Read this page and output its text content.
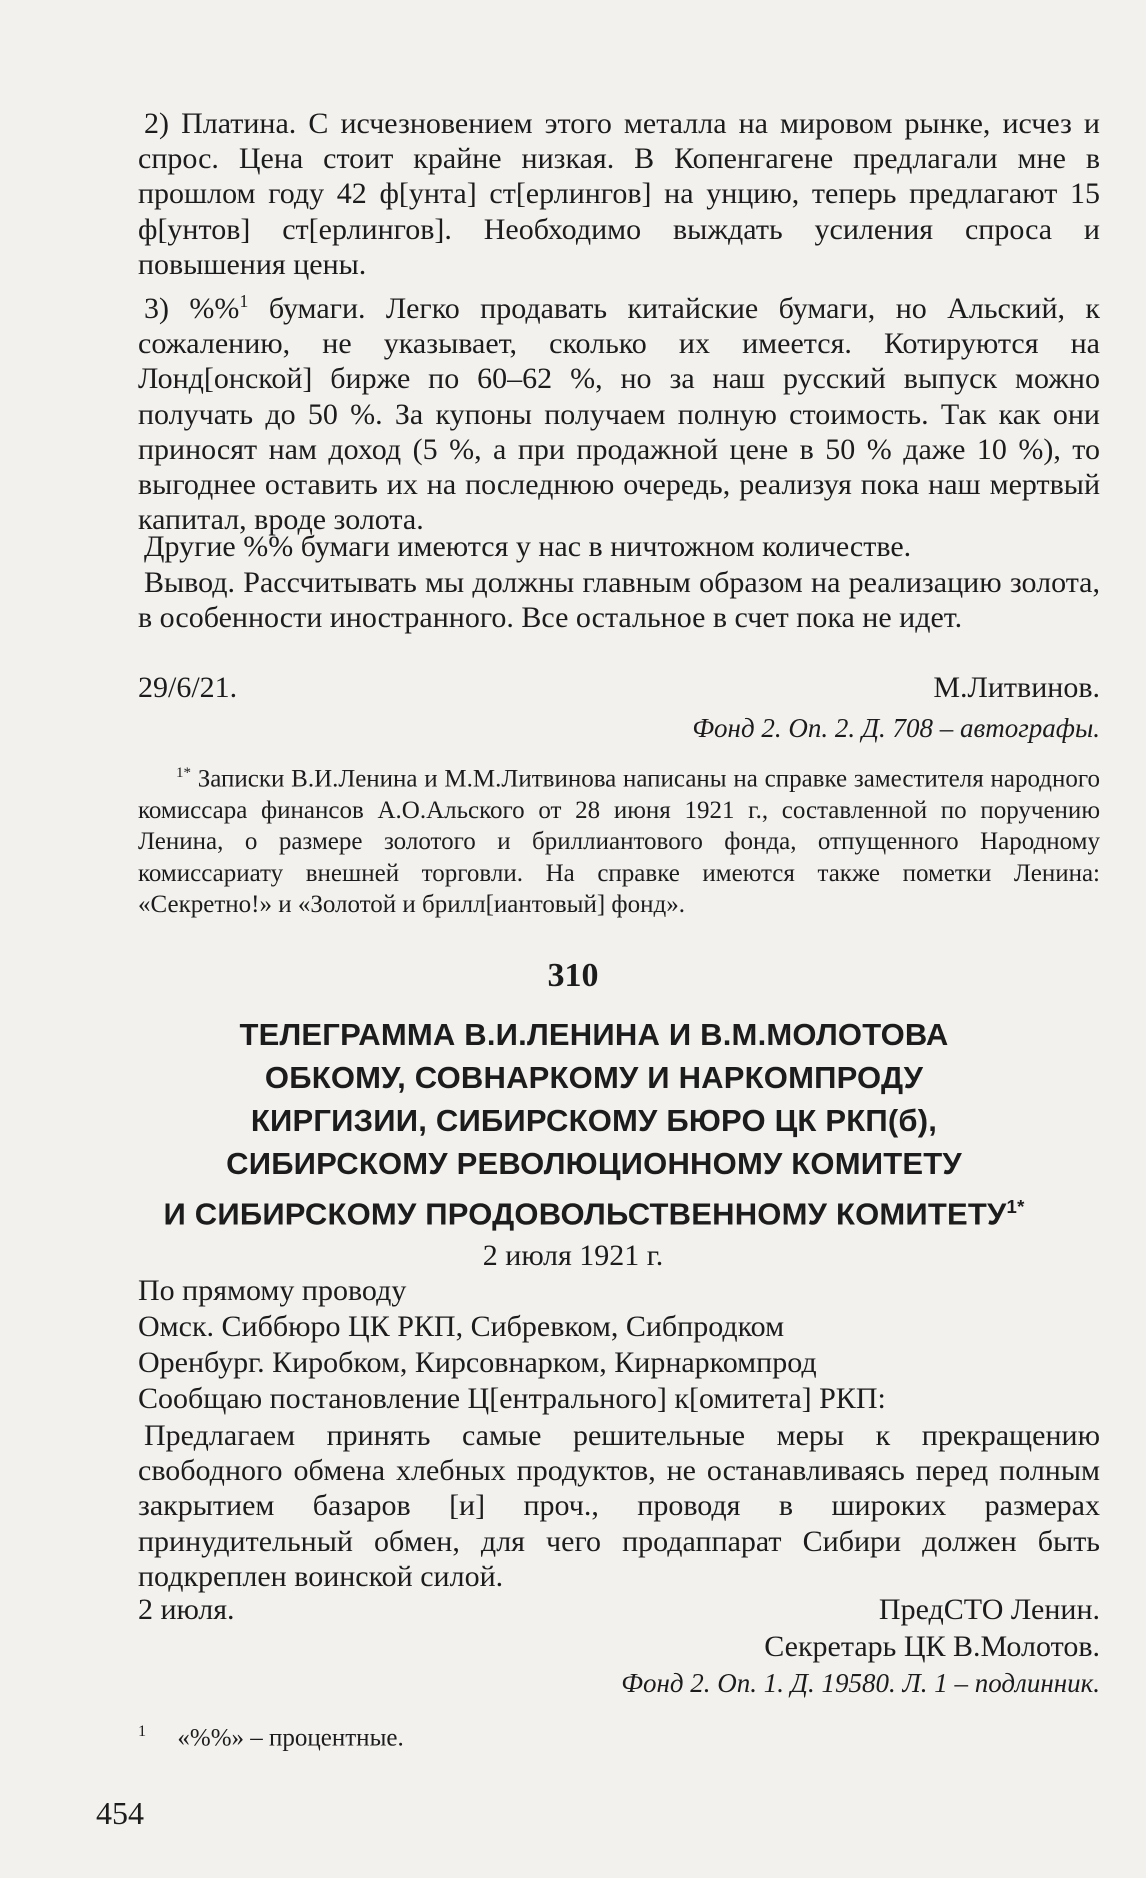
2) Платина. С исчезновением этого металла на мировом рынке, исчез и спрос. Цена стоит крайне низкая. В Копенгагене предлагали мне в прошлом году 42 ф[унта] ст[ерлингов] на унцию, теперь предлагают 15 ф[унтов] ст[ерлингов]. Необходимо выждать усиления спроса и повышения цены.

3) %%$^1$ бумаги. Легко продавать китайские бумаги, но Альский, к сожалению, не указывает, сколько их имеется. Котируются на Лонд[онской] бирже по 60–62 %, но за наш русский выпуск можно получать до 50 %. За купоны получаем полную стоимость. Так как они приносят нам доход (5 %, а при продажной цене в 50 % даже 10 %), то выгоднее оставить их на последнюю очередь, реализуя пока наш мертвый капитал, вроде золота.

Другие %% бумаги имеются у нас в ничтожном количестве.

Вывод. Рассчитывать мы должны главным образом на реализацию золота, в особенности иностранного. Все остальное в счет пока не идет.

29/6/21.	М.Литвинов.
Фонд 2. Оп. 2. Д. 708 – автографы.

$^{1*}$ Записки В.И.Ленина и М.М.Литвинова написаны на справке заместителя народного комиссара финансов А.О.Альского от 28 июня 1921 г., составленной по поручению Ленина, о размере золотого и бриллиантового фонда, отпущенного Народному комиссариату внешней торговли. На справке имеются также пометки Ленина: «Секретно!» и «Золотой и брилл[иантовый] фонд».

310
ТЕЛЕГРАММА В.И.ЛЕНИНА И В.М.МОЛОТОВА
ОБКОМУ, СОВНАРКОМУ И НАРКОМПРОДУ
КИРГИЗИИ, СИБИРСКОМУ БЮРО ЦК РКП(б),
СИБИРСКОМУ РЕВОЛЮЦИОННОМУ КОМИТЕТУ
И СИБИРСКОМУ ПРОДОВОЛЬСТВЕННОМУ $КОМИТЕТУ^{1*}$
2 июля 1921 г.
По прямому проводу
Омск. Сиббюро ЦК РКП, Сибревком, Сибпродком
Оренбург. Киробком, Кирсовнарком, Кирнаркомпрод
Сообщаю постановление Ц[ентрального] к[омитета] РКП:

Предлагаем принять самые решительные меры к прекращению свободного обмена хлебных продуктов, не останавливаясь перед полным закрытием базаров [и] проч., проводя в широких размерах принудительный обмен, для чего продаппарат Сибири должен быть подкреплен воинской силой.

2 июля.	ПредСТО Ленин.
Секретарь ЦК В.Молотов.
Фонд 2. Оп. 1. Д. 19580. Л. 1 – подлинник.
$^1$ «%%» – процентные.
454
